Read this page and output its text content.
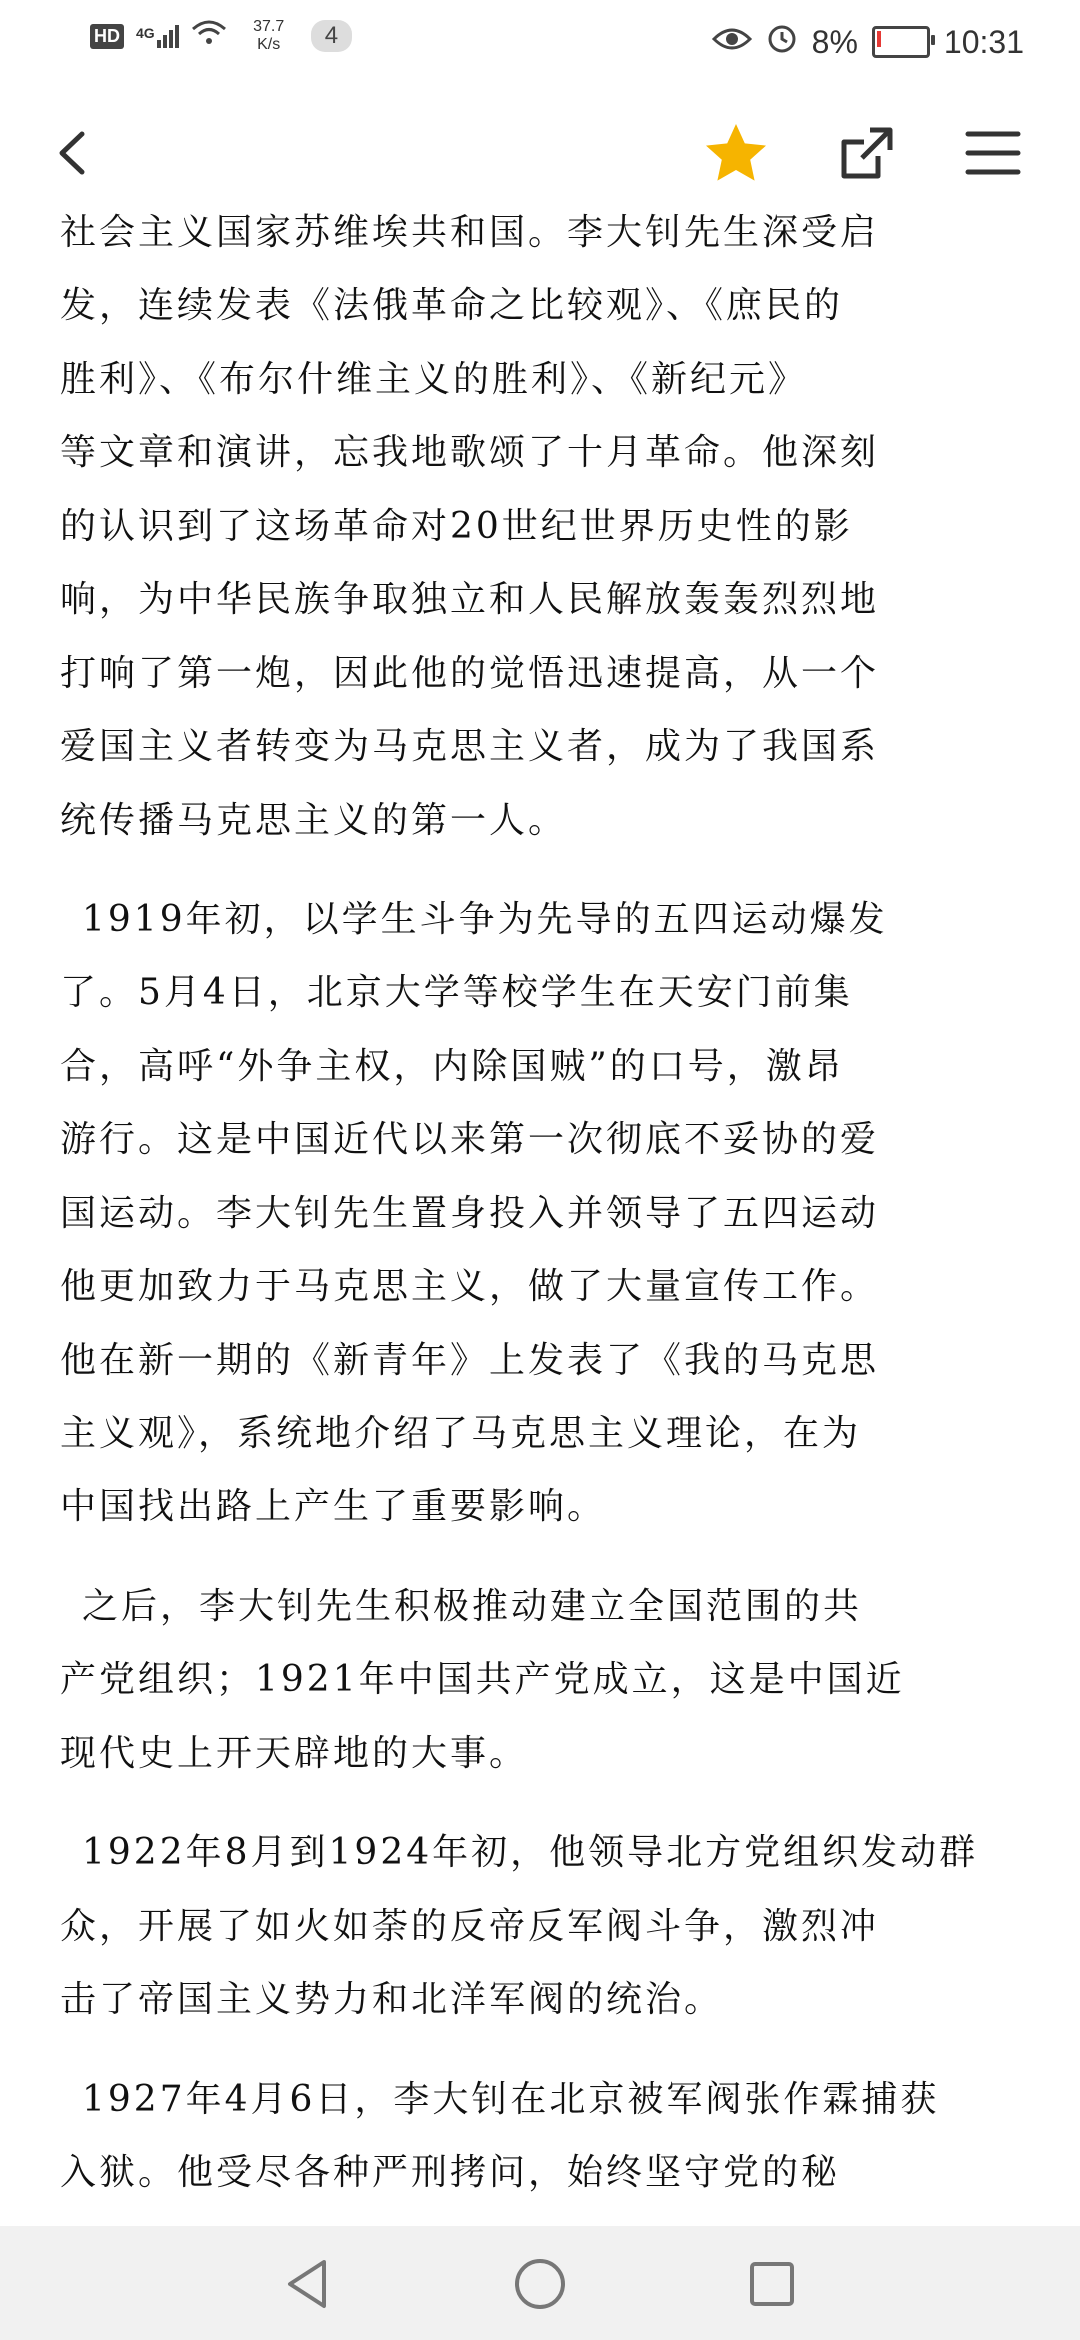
HD 4G	37.7
K/s	4	8%	10:31
社会主义国家苏维埃共和国。李大钊先生深受启
发，连续发表《法俄革命之比较观》、《庶民的
胜利》、《布尔什维主义的胜利》、《新纪元》
等文章和演讲，忘我地歌颂了十月革命。他深刻
的认识到了这场革命对20世纪世界历史性的影
响，为中华民族争取独立和人民解放轰轰烈烈地
打响了第一炮，因此他的觉悟迅速提高，从一个
爱国主义者转变为马克思主义者，成为了我国系
统传播马克思主义的第一人。
1919年初，以学生斗争为先导的五四运动爆发
了。5月4日，北京大学等校学生在天安门前集
合，高呼“外争主权，内除国贼”的口号，激昂
游行。这是中国近代以来第一次彻底不妥协的爱
国运动。李大钊先生置身投入并领导了五四运动
他更加致力于马克思主义，做了大量宣传工作。
他在新一期的《新青年》上发表了《我的马克思
主义观》，系统地介绍了马克思主义理论，在为
中国找出路上产生了重要影响。
之后，李大钊先生积极推动建立全国范围的共
产党组织；1921年中国共产党成立，这是中国近
现代史上开天辟地的大事。
1922年8月到1924年初，他领导北方党组织发动群
众，开展了如火如荼的反帝反军阀斗争，激烈冲
击了帝国主义势力和北洋军阀的统治。
1927年4月6日，李大钊在北京被军阀张作霖捕获
入狱。他受尽各种严刑拷问，始终坚守党的秘
